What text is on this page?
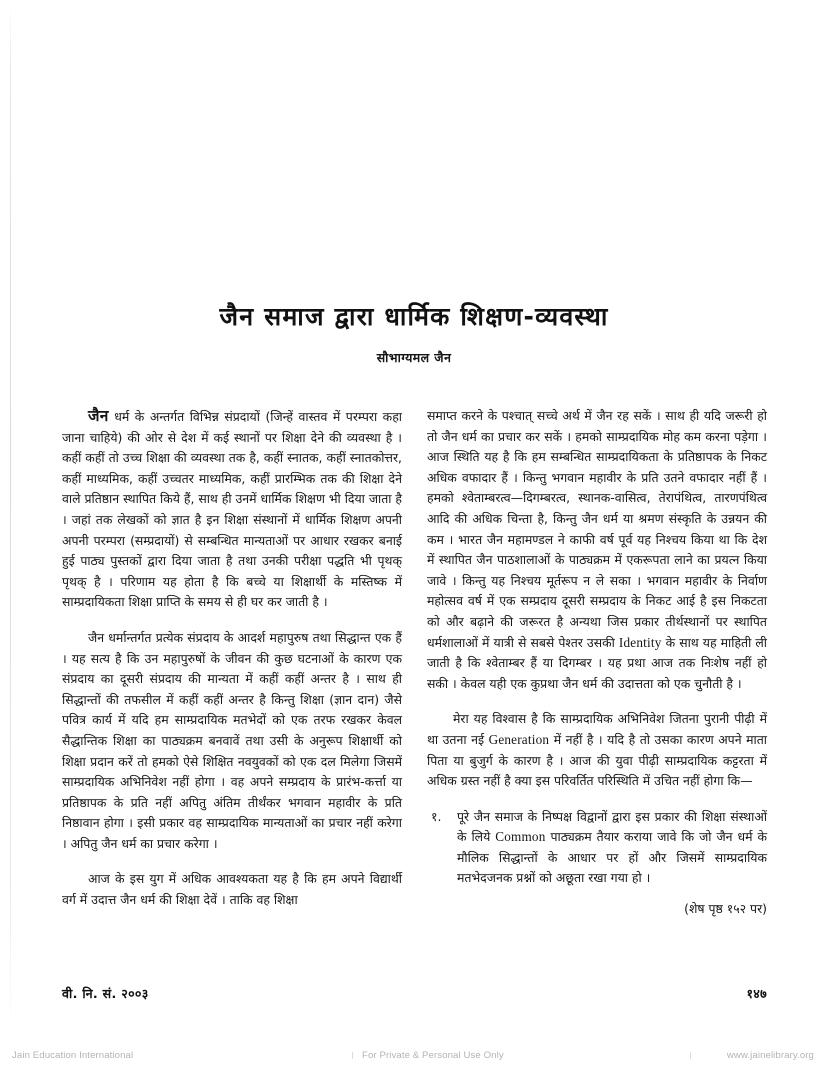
जैन समाज द्वारा धार्मिक शिक्षण-व्यवस्था
सौभाग्यमल जैन

जैन धर्म के अन्तर्गत विभिन्न संप्रदायों (जिन्हें वास्तव में परम्परा कहा जाना चाहिये) की ओर से देश में कई स्थानों पर शिक्षा देने की व्यवस्था है । कहीं कहीं तो उच्च शिक्षा की व्यवस्था तक है, कहीं स्नातक, कहीं स्नातकोत्तर, कहीं माध्यमिक, कहीं उच्चतर माध्यमिक, कहीं प्रारम्भिक तक की शिक्षा देने वाले प्रतिष्ठान स्थापित किये हैं, साथ ही उनमें धार्मिक शिक्षण भी दिया जाता है । जहां तक लेखकों को ज्ञात है इन शिक्षा संस्थानों में धार्मिक शिक्षण अपनी अपनी परम्परा (सम्प्रदायों) से सम्बन्धित मान्यताओं पर आधार रखकर बनाई हुई पाठ्य पुस्तकों द्वारा दिया जाता है तथा उनकी परीक्षा पद्धति भी पृथक् पृथक् है । परिणाम यह होता है कि बच्चे या शिक्षार्थी के मस्तिष्क में साम्प्रदायिकता शिक्षा प्राप्ति के समय से ही घर कर जाती है ।

जैन धर्मान्तर्गत प्रत्येक संप्रदाय के आदर्श महापुरुष तथा सिद्धान्त एक हैं । यह सत्य है कि उन महापुरुषों के जीवन की कुछ घटनाओं के कारण एक संप्रदाय का दूसरी संप्रदाय की मान्यता में कहीं कहीं अन्तर है । साथ ही सिद्धान्तों की तफसील में कहीं कहीं अन्तर है किन्तु शिक्षा (ज्ञान दान) जैसे पवित्र कार्य में यदि हम साम्प्रदायिक मतभेदों को एक तरफ रखकर केवल सैद्धान्तिक शिक्षा का पाठ्यक्रम बनवावें तथा उसी के अनुरूप शिक्षार्थी को शिक्षा प्रदान करें तो हमको ऐसे शिक्षित नवयुवकों को एक दल मिलेगा जिसमें साम्प्रदायिक अभिनिवेश नहीं होगा । वह अपने सम्प्रदाय के प्रारंभ-कर्त्ता या प्रतिष्ठापक के प्रति नहीं अपितु अंतिम तीर्थंकर भगवान महावीर के प्रति निष्ठावान होगा । इसी प्रकार वह साम्प्रदायिक मान्यताओं का प्रचार नहीं करेगा । अपितु जैन धर्म का प्रचार करेगा ।

आज के इस युग में अधिक आवश्यकता यह है कि हम अपने विद्यार्थी वर्ग में उदात्त जैन धर्म की शिक्षा देवें । ताकि वह शिक्षा

समाप्त करने के पश्चात् सच्चे अर्थ में जैन रह सकें । साथ ही यदि जरूरी हो तो जैन धर्म का प्रचार कर सकें । हमको साम्प्रदायिक मोह कम करना पड़ेगा । आज स्थिति यह है कि हम सम्बन्धित साम्प्रदायिकता के प्रतिष्ठापक के निकट अधिक वफादार हैं । किन्तु भगवान महावीर के प्रति उतने वफादार नहीं हैं । हमको श्वेताम्बरत्व—दिगम्बरत्व, स्थानक-वासित्व, तेरापंथित्व, तारणपंथित्व आदि की अधिक चिन्ता है, किन्तु जैन धर्म या श्रमण संस्कृति के उन्नयन की कम । भारत जैन महामण्डल ने काफी वर्ष पूर्व यह निश्चय किया था कि देश में स्थापित जैन पाठशालाओं के पाठ्यक्रम में एकरूपता लाने का प्रयत्न किया जावे । किन्तु यह निश्चय मूर्तरूप न ले सका । भगवान महावीर के निर्वाण महोत्सव वर्ष में एक सम्प्रदाय दूसरी सम्प्रदाय के निकट आई है इस निकटता को और बढ़ाने की जरूरत है अन्यथा जिस प्रकार तीर्थस्थानों पर स्थापित धर्मशालाओं में यात्री से सबसे पेश्तर उसकी Identity के साथ यह माहिती ली जाती है कि श्वेताम्बर हैं या दिगम्बर । यह प्रथा आज तक निःशेष नहीं हो सकी । केवल यही एक कुप्रथा जैन धर्म की उदात्तता को एक चुनौती है ।

मेरा यह विश्वास है कि साम्प्रदायिक अभिनिवेश जितना पुरानी पीढ़ी में था उतना नई Generation में नहीं है । यदि है तो उसका कारण अपने माता पिता या बुजुर्ग के कारण है । आज की युवा पीढ़ी साम्प्रदायिक कट्टरता में अधिक ग्रस्त नहीं है क्या इस परिवर्तित परिस्थिति में उचित नहीं होगा कि—

१.	पूरे जैन समाज के निष्पक्ष विद्वानों द्वारा इस प्रकार की शिक्षा संस्थाओं के लिये Common पाठ्यक्रम तैयार कराया जावे कि जो जैन धर्म के मौलिक सिद्धान्तों के आधार पर हों और जिसमें साम्प्रदायिक मतभेदजनक प्रश्नों को अछूता रखा गया हो ।

(शेष पृष्ठ १५२ पर)

वी. नि. सं. २००३	१४७
Jain Education International	For Private & Personal Use Only	www.jainelibrary.org
